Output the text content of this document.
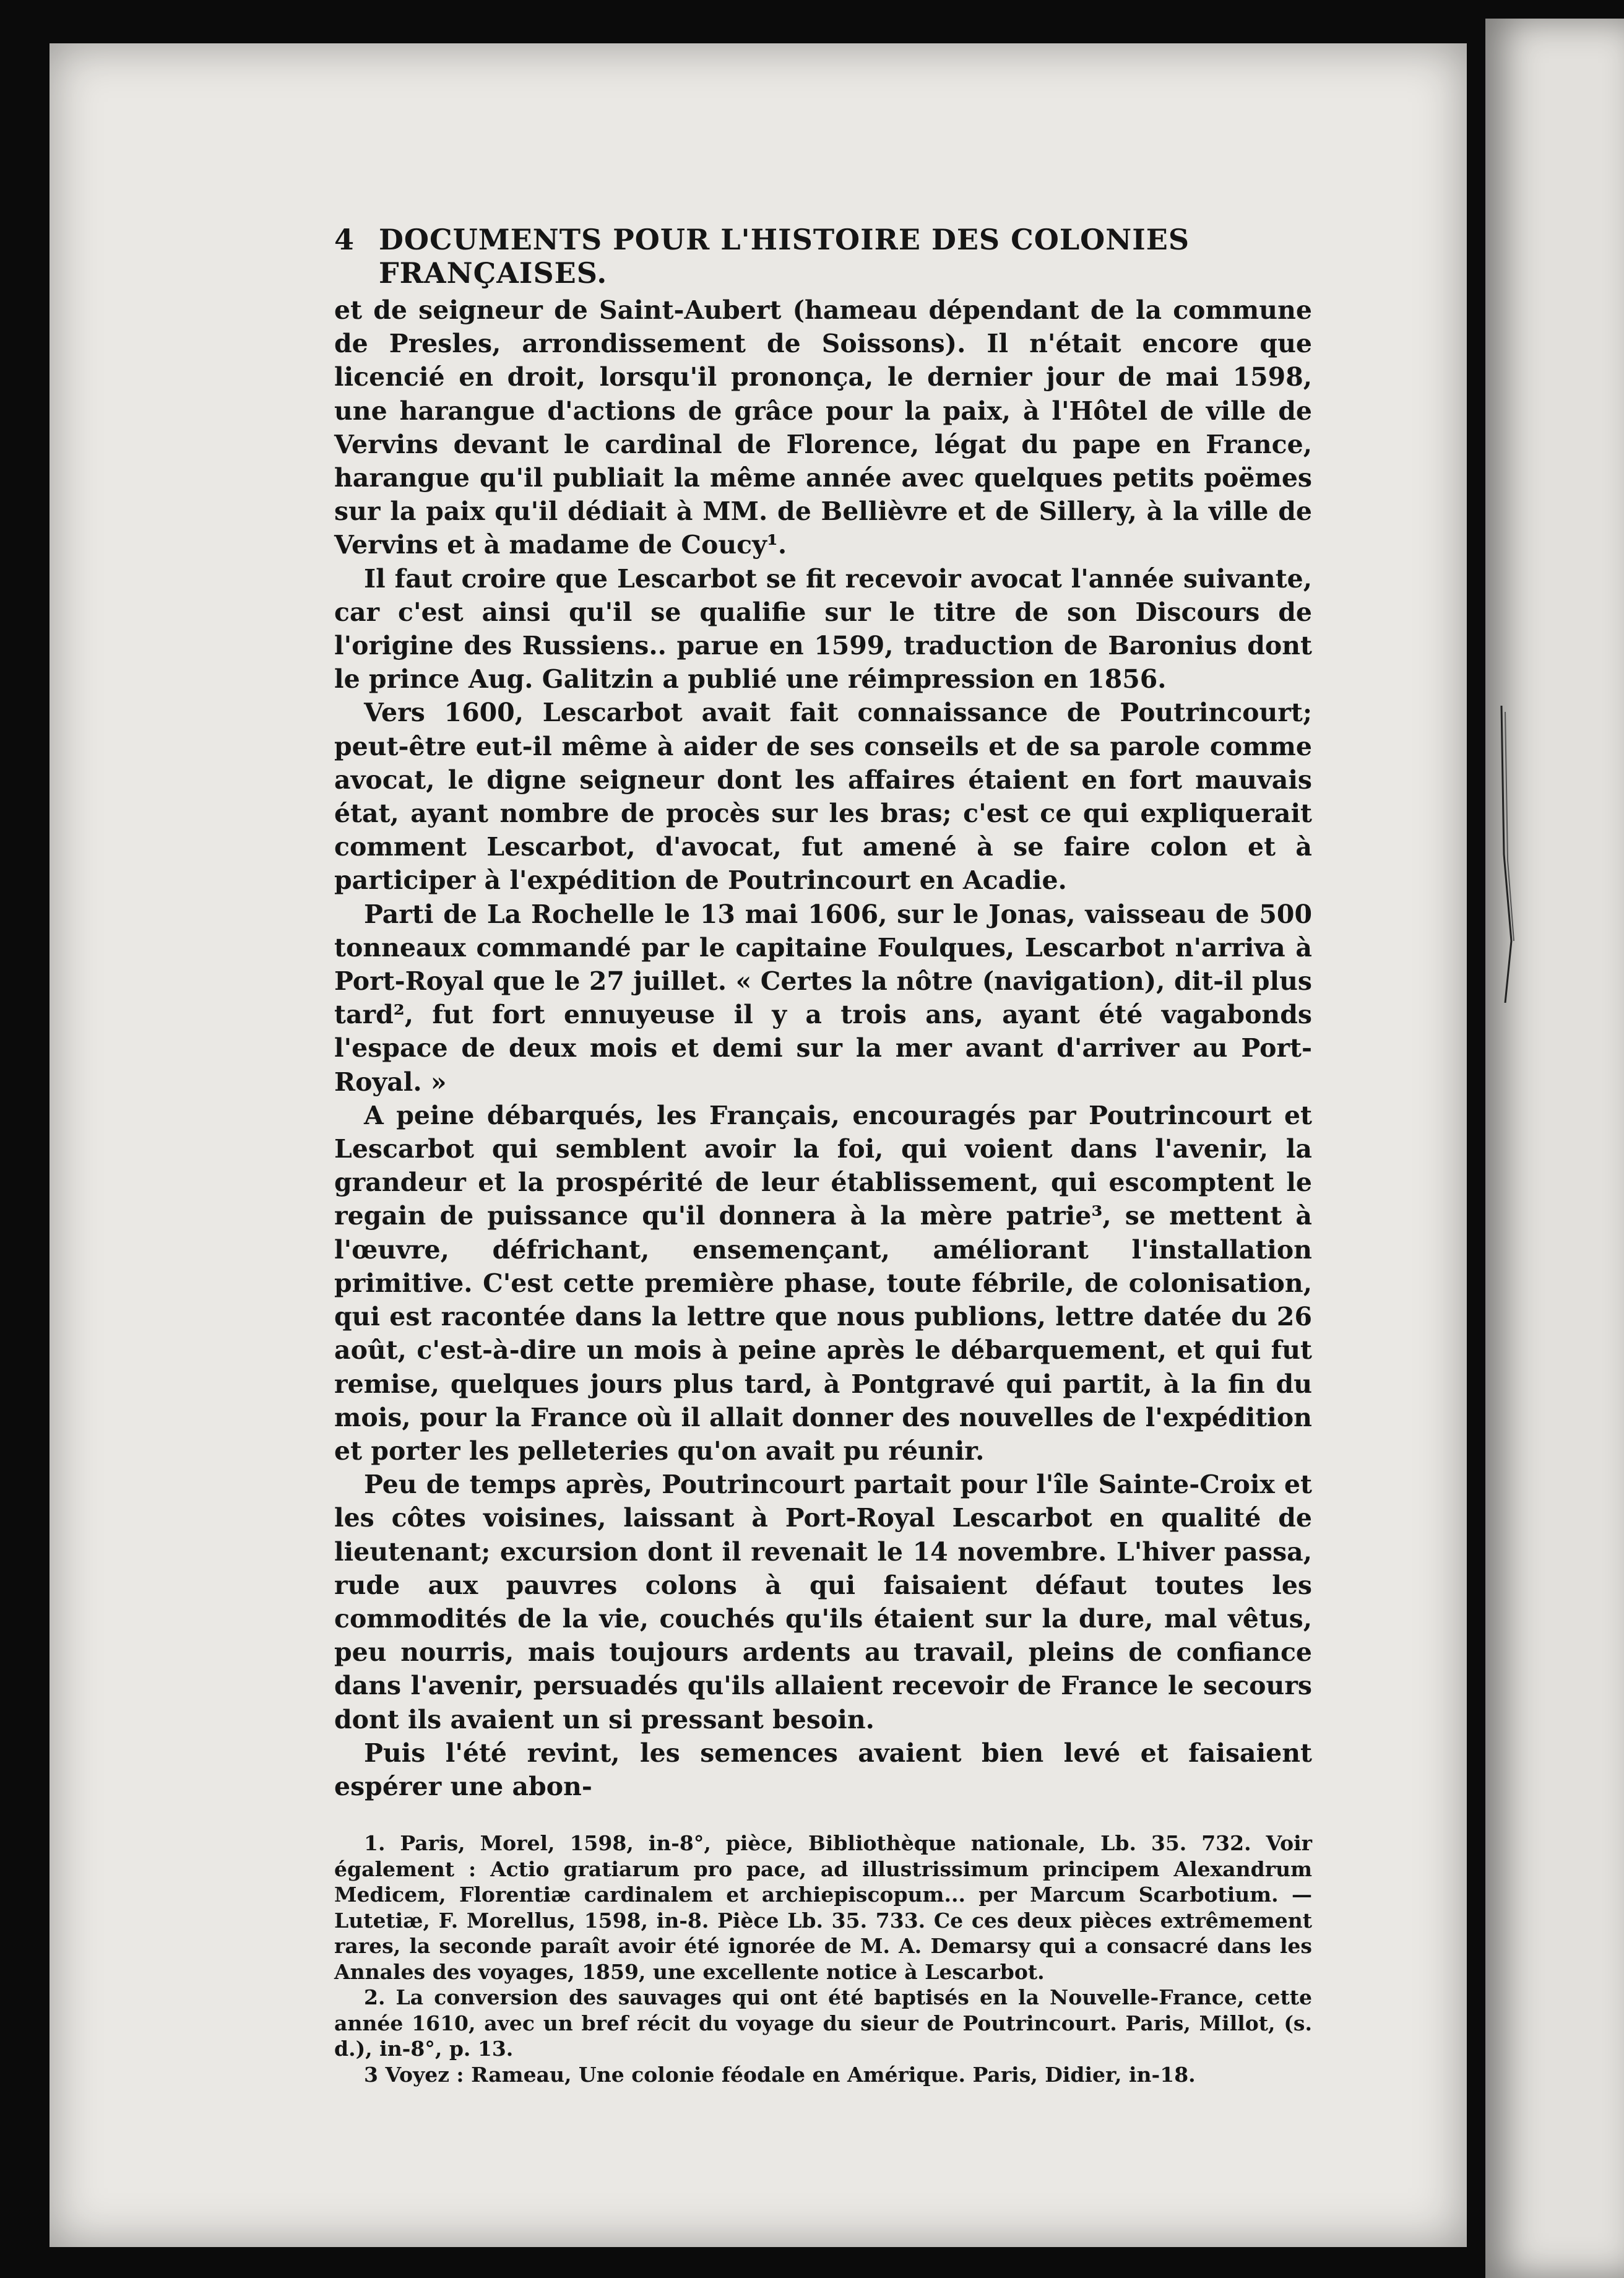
4 DOCUMENTS POUR L'HISTOIRE DES COLONIES FRANÇAISES.

et de seigneur de Saint-Aubert (hameau dépendant de la commune de Presles, arrondissement de Soissons). Il n'était encore que licencié en droit, lorsqu'il prononça, le dernier jour de mai 1598, une harangue d'actions de grâce pour la paix, à l'Hôtel de ville de Vervins devant le cardinal de Florence, légat du pape en France, harangue qu'il publiait la même année avec quelques petits poëmes sur la paix qu'il dédiait à MM. de Bellièvre et de Sillery, à la ville de Vervins et à madame de Coucy¹.

Il faut croire que Lescarbot se fit recevoir avocat l'année suivante, car c'est ainsi qu'il se qualifie sur le titre de son Discours de l'origine des Russiens.. parue en 1599, traduction de Baronius dont le prince Aug. Galitzin a publié une réimpression en 1856.

Vers 1600, Lescarbot avait fait connaissance de Poutrincourt; peut-être eut-il même à aider de ses conseils et de sa parole comme avocat, le digne seigneur dont les affaires étaient en fort mauvais état, ayant nombre de procès sur les bras; c'est ce qui expliquerait comment Lescarbot, d'avocat, fut amené à se faire colon et à participer à l'expédition de Poutrincourt en Acadie.

Parti de La Rochelle le 13 mai 1606, sur le Jonas, vaisseau de 500 tonneaux commandé par le capitaine Foulques, Lescarbot n'arriva à Port-Royal que le 27 juillet. « Certes la nôtre (navigation), dit-il plus tard², fut fort ennuyeuse il y a trois ans, ayant été vagabonds l'espace de deux mois et demi sur la mer avant d'arriver au Port-Royal. »

A peine débarqués, les Français, encouragés par Poutrincourt et Lescarbot qui semblent avoir la foi, qui voient dans l'avenir, la grandeur et la prospérité de leur établissement, qui escomptent le regain de puissance qu'il donnera à la mère patrie³, se mettent à l'œuvre, défrichant, ensemençant, améliorant l'installation primitive. C'est cette première phase, toute fébrile, de colonisation, qui est racontée dans la lettre que nous publions, lettre datée du 26 août, c'est-à-dire un mois à peine après le débarquement, et qui fut remise, quelques jours plus tard, à Pontgravé qui partit, à la fin du mois, pour la France où il allait donner des nouvelles de l'expédition et porter les pelleteries qu'on avait pu réunir.

Peu de temps après, Poutrincourt partait pour l'île Sainte-Croix et les côtes voisines, laissant à Port-Royal Lescarbot en qualité de lieutenant; excursion dont il revenait le 14 novembre. L'hiver passa, rude aux pauvres colons à qui faisaient défaut toutes les commodités de la vie, couchés qu'ils étaient sur la dure, mal vêtus, peu nourris, mais toujours ardents au travail, pleins de confiance dans l'avenir, persuadés qu'ils allaient recevoir de France le secours dont ils avaient un si pressant besoin.

Puis l'été revint, les semences avaient bien levé et faisaient espérer une abon-

1. Paris, Morel, 1598, in-8°, pièce, Bibliothèque nationale, Lb. 35. 732. Voir également : Actio gratiarum pro pace, ad illustrissimum principem Alexandrum Medicem, Florentiæ cardinalem et archiepiscopum... per Marcum Scarbotium. — Lutetiæ, F. Morellus, 1598, in-8. Pièce Lb. 35. 733. Ce ces deux pièces extrêmement rares, la seconde paraît avoir été ignorée de M. A. Demarsy qui a consacré dans les Annales des voyages, 1859, une excellente notice à Lescarbot.

2. La conversion des sauvages qui ont été baptisés en la Nouvelle-France, cette année 1610, avec un bref récit du voyage du sieur de Poutrincourt. Paris, Millot, (s. d.), in-8°, p. 13.

3 Voyez : Rameau, Une colonie féodale en Amérique. Paris, Didier, in-18.
